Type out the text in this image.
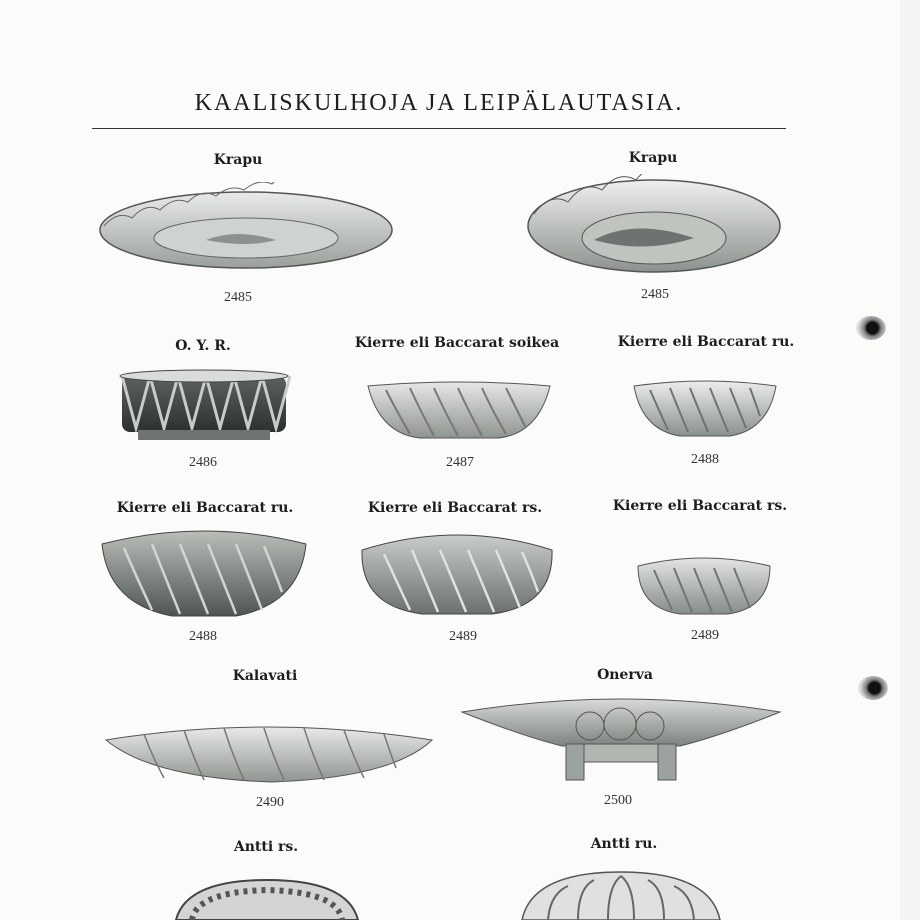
KAALISKULHOJA JA LEIPÄLAUTASIA.
Krapu
2485
Krapu
2485
O. Y. R.
2486
Kierre eli Baccarat soikea
2487
Kierre eli Baccarat ru.
2488
Kierre eli Baccarat ru.
2488
Kierre eli Baccarat rs.
2489
Kierre eli Baccarat rs.
2489
Kalavati
2490
Onerva
2500
Antti rs.	Antti ru.
